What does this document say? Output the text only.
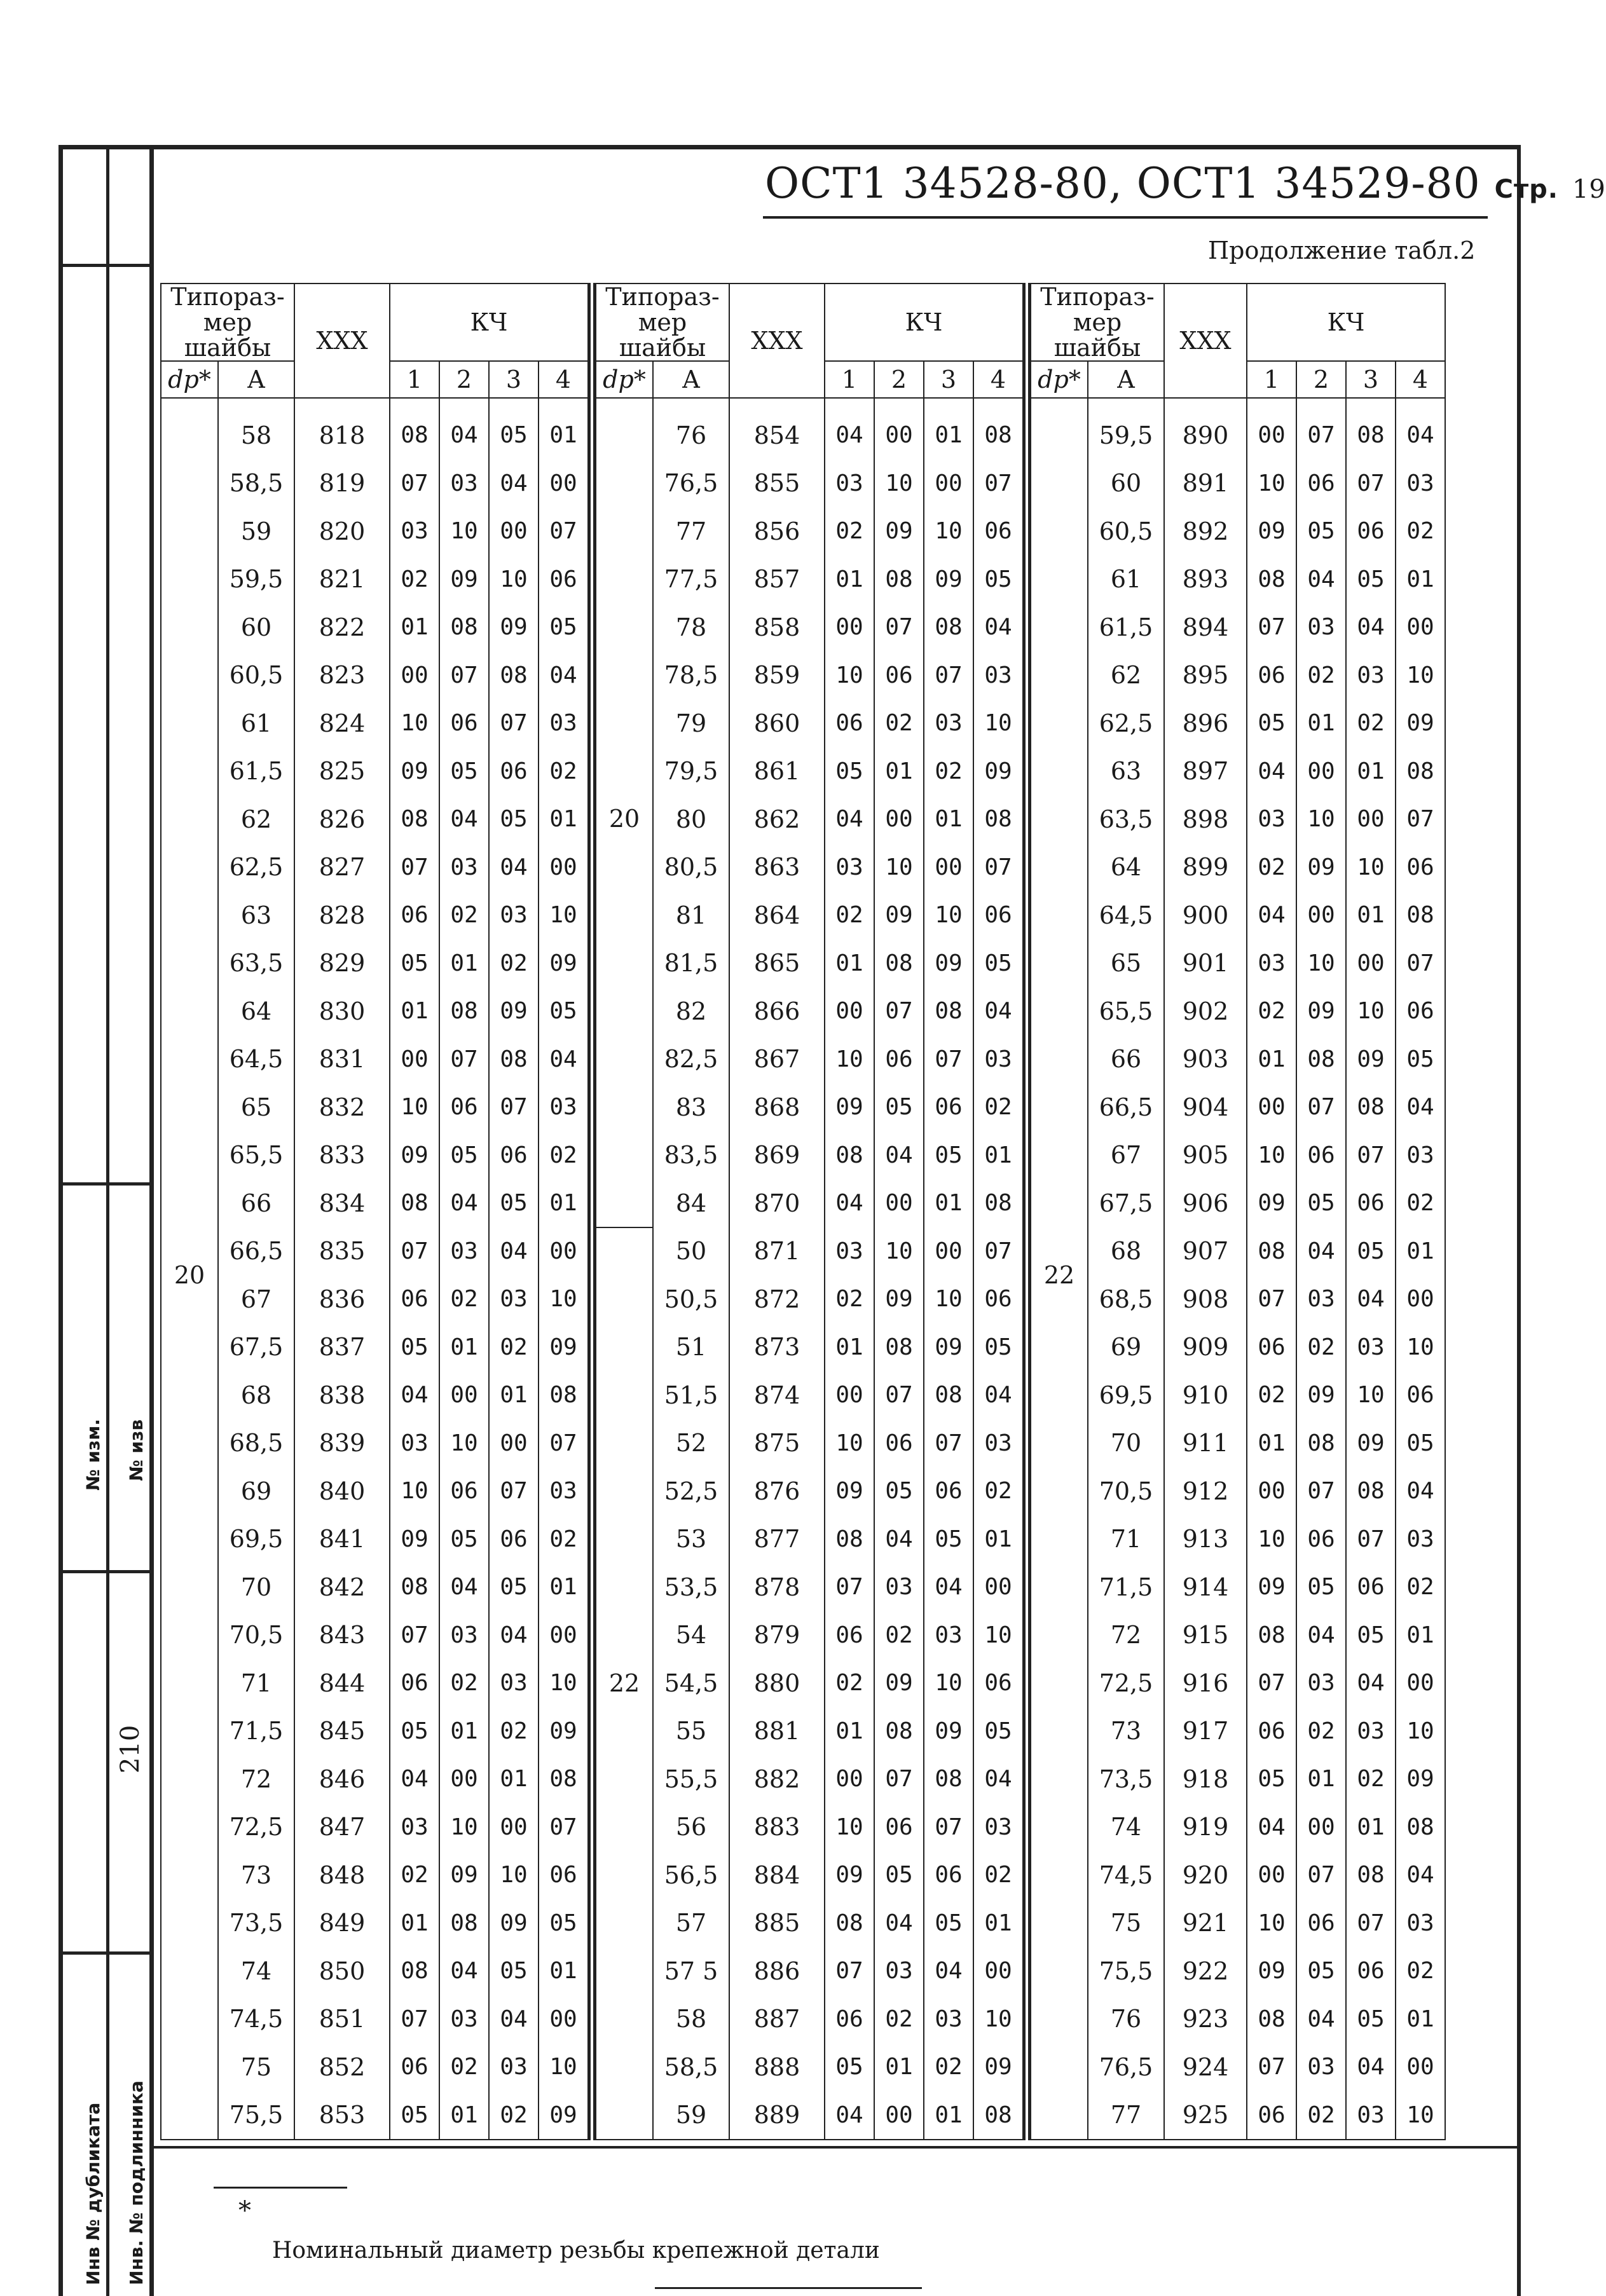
№ изм. № изв
210
Инв № дубликата Инв. № подлинника
ОСТ1 34528-80, ОСТ1 34529-80 Стр. 19
Продолжение табл.2
Типораз-
мер шайбы		ХХХ	КЧ			
dр*	А		1	2	3	4

20	58	818	08	04	05	01
	58,5	819	07	03	04	00
	59	820	03	10	00	07
	59,5	821	02	09	10	06
	60	822	01	08	09	05
	60,5	823	00	07	08	04
	61	824	10	06	07	03
	61,5	825	09	05	06	02
	62	826	08	04	05	01
	62,5	827	07	03	04	00
	63	828	06	02	03	10
	63,5	829	05	01	02	09
	64	830	01	08	09	05
	64,5	831	00	07	08	04
	65	832	10	06	07	03
	65,5	833	09	05	06	02
	66	834	08	04	05	01
	66,5	835	07	03	04	00
	67	836	06	02	03	10
	67,5	837	05	01	02	09
	68	838	04	00	01	08
	68,5	839	03	10	00	07
	69	840	10	06	07	03
	69,5	841	09	05	06	02
	70	842	08	04	05	01
	70,5	843	07	03	04	00
	71	844	06	02	03	10
	71,5	845	05	01	02	09
	72	846	04	00	01	08
	72,5	847	03	10	00	07
	73	848	02	09	10	06
	73,5	849	01	08	09	05
	74	850	08	04	05	01
	74,5	851	07	03	04	00
	75	852	06	02	03	10
	75,5	853	05	01	02	09
Типораз-
мер шайбы		ХХХ	КЧ			
dр*	А		1	2	3	4

20	76	854	04	00	01	08
	76,5	855	03	10	00	07
	77	856	02	09	10	06
	77,5	857	01	08	09	05
	78	858	00	07	08	04
	78,5	859	10	06	07	03
	79	860	06	02	03	10
	79,5	861	05	01	02	09
	80	862	04	00	01	08
	80,5	863	03	10	00	07
	81	864	02	09	10	06
	81,5	865	01	08	09	05
	82	866	00	07	08	04
	82,5	867	10	06	07	03
	83	868	09	05	06	02
	83,5	869	08	04	05	01
	84	870	04	00	01	08
22	50	871	03	10	00	07
	50,5	872	02	09	10	06
	51	873	01	08	09	05
	51,5	874	00	07	08	04
	52	875	10	06	07	03
	52,5	876	09	05	06	02
	53	877	08	04	05	01
	53,5	878	07	03	04	00
	54	879	06	02	03	10
	54,5	880	02	09	10	06
	55	881	01	08	09	05
	55,5	882	00	07	08	04
	56	883	10	06	07	03
	56,5	884	09	05	06	02
	57	885	08	04	05	01
	57 5	886	07	03	04	00
	58	887	06	02	03	10
	58,5	888	05	01	02	09
	59	889	04	00	01	08
Типораз-
мер шайбы		ХХХ	КЧ			
dр*	А		1	2	3	4

22	59,5	890	00	07	08	04
	60	891	10	06	07	03
	60,5	892	09	05	06	02
	61	893	08	04	05	01
	61,5	894	07	03	04	00
	62	895	06	02	03	10
	62,5	896	05	01	02	09
	63	897	04	00	01	08
	63,5	898	03	10	00	07
	64	899	02	09	10	06
	64,5	900	04	00	01	08
	65	901	03	10	00	07
	65,5	902	02	09	10	06
	66	903	01	08	09	05
	66,5	904	00	07	08	04
	67	905	10	06	07	03
	67,5	906	09	05	06	02
	68	907	08	04	05	01
	68,5	908	07	03	04	00
	69	909	06	02	03	10
	69,5	910	02	09	10	06
	70	911	01	08	09	05
	70,5	912	00	07	08	04
	71	913	10	06	07	03
	71,5	914	09	05	06	02
	72	915	08	04	05	01
	72,5	916	07	03	04	00
	73	917	06	02	03	10
	73,5	918	05	01	02	09
	74	919	04	00	01	08
	74,5	920	00	07	08	04
	75	921	10	06	07	03
	75,5	922	09	05	06	02
	76	923	08	04	05	01
	76,5	924	07	03	04	00
	77	925	06	02	03	10
*
Номинальный диаметр резьбы крепежной детали
